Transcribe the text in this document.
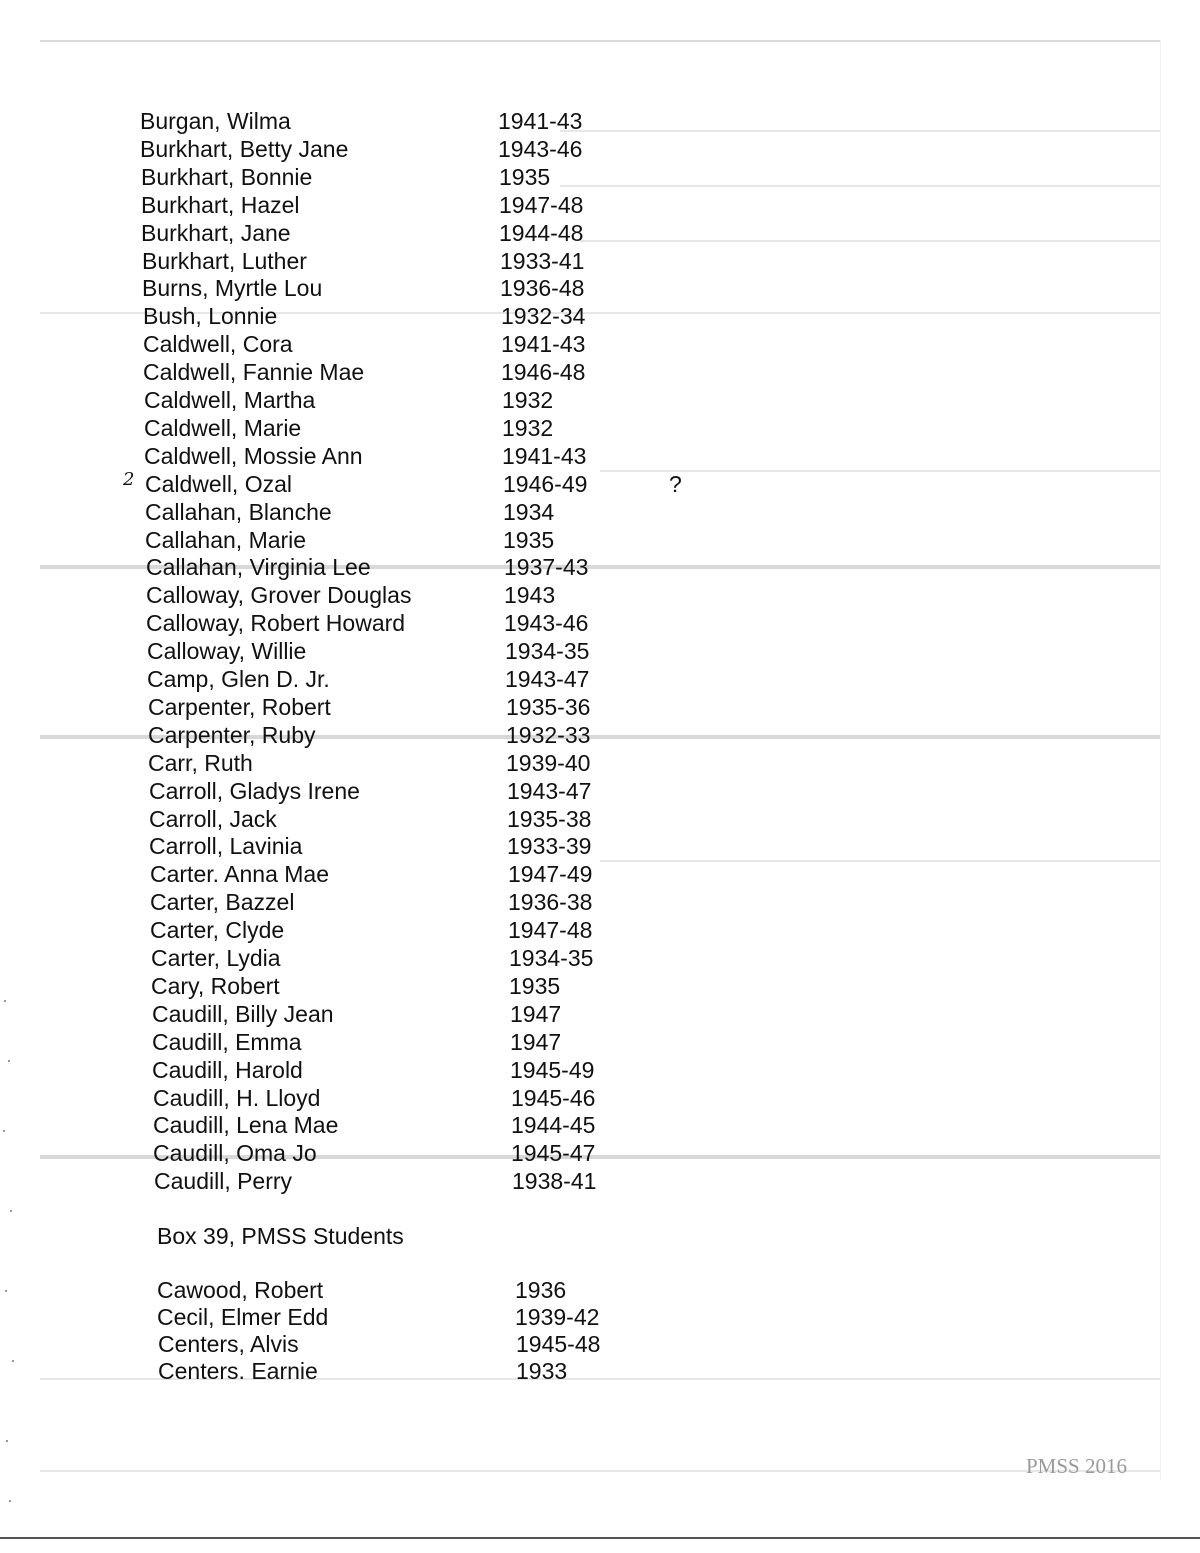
Burgan, Wilma	1941-43
Burkhart, Betty Jane	1943-46
Burkhart, Bonnie	1935
Burkhart, Hazel	1947-48
Burkhart, Jane	1944-48
Burkhart, Luther	1933-41
Burns, Myrtle Lou	1936-48
Bush, Lonnie	1932-34
Caldwell, Cora	1941-43
Caldwell, Fannie Mae	1946-48
Caldwell, Martha	1932
Caldwell, Marie	1932
Caldwell, Mossie Ann	1941-43
Caldwell, Ozal	1946-49
2	?
Callahan, Blanche	1934
Callahan, Marie	1935
Callahan, Virginia Lee	1937-43
Calloway, Grover Douglas	1943
Calloway, Robert Howard	1943-46
Calloway, Willie	1934-35
Camp, Glen D. Jr.	1943-47
Carpenter, Robert	1935-36
Carpenter, Ruby	1932-33
Carr, Ruth	1939-40
Carroll, Gladys Irene	1943-47
Carroll, Jack	1935-38
Carroll, Lavinia	1933-39
Carter. Anna Mae	1947-49
Carter, Bazzel	1936-38
Carter, Clyde	1947-48
Carter, Lydia	1934-35
Cary, Robert	1935
Caudill, Billy Jean	1947
Caudill, Emma	1947
Caudill, Harold	1945-49
Caudill, H. Lloyd	1945-46
Caudill, Lena Mae	1944-45
Caudill, Oma Jo	1945-47
Caudill, Perry	1938-41
Box 39, PMSS Students
Cawood, Robert	1936
Cecil, Elmer Edd	1939-42
Centers, Alvis	1945-48
Centers. Earnie	1933
PMSS 2016
